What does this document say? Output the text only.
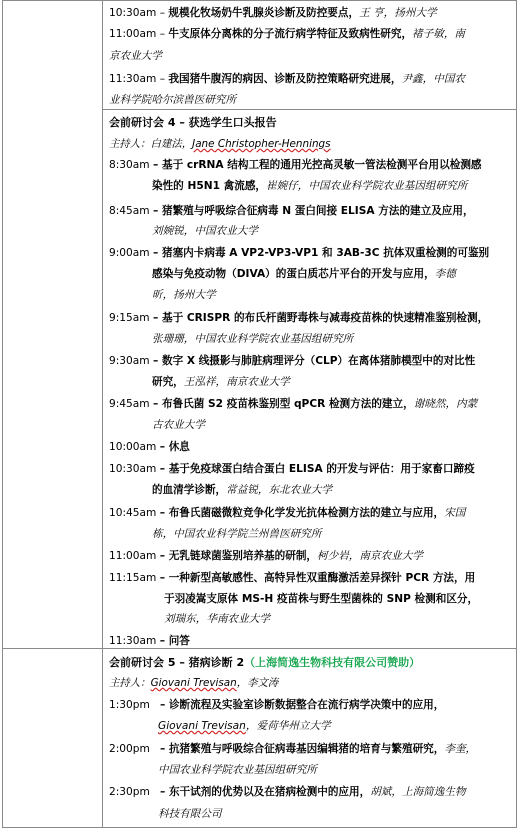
10:30am – 规模化牧场奶牛乳腺炎诊断及防控要点，王 亨，扬州大学
11:00am – 牛支原体分离株的分子流行病学特征及致病性研究，褚子敏，南
京农业大学
11:30am – 我国猪牛腹泻的病因、诊断及防控策略研究进展，尹鑫，中国农
业科学院哈尔滨兽医研究所
会前研讨会 4 – 获选学生口头报告
主持人：白建法，Jane Christopher-Hennings
8:30am – 基于 crRNA 结构工程的通用光控高灵敏一管法检测平台用以检测感
染性的 H5N1 禽流感，崔婉仔，中国农业科学院农业基因组研究所
8:45am – 猪繁殖与呼吸综合征病毒 N 蛋白间接 ELISA 方法的建立及应用，
刘婉锐，中国农业大学
9:00am – 猪塞内卡病毒 A VP2-VP3-VP1 和 3AB-3C 抗体双重检测的可鉴别
感染与免疫动物（DIVA）的蛋白质芯片平台的开发与应用，李德
昕，扬州大学
9:15am – 基于 CRISPR 的布氏杆菌野毒株与减毒疫苗株的快速精准鉴别检测，
张珊珊，中国农业科学院农业基因组研究所
9:30am – 数字 X 线摄影与肺脏病理评分（CLP）在离体猪肺模型中的对比性
研究，王泓祥，南京农业大学
9:45am – 布鲁氏菌 S2 疫苗株鉴别型 qPCR 检测方法的建立，谢晓然，内蒙
古农业大学
10:00am – 休息
10:30am – 基于免疫球蛋白结合蛋白 ELISA 的开发与评估：用于家畜口蹄疫
的血清学诊断，常益锐，东北农业大学
10:45am – 布鲁氏菌磁微粒竞争化学发光抗体检测方法的建立与应用，宋国
栋，中国农业科学院兰州兽医研究所
11:00am – 无乳链球菌鉴别培养基的研制，柯少岩，南京农业大学
11:15am – 一种新型高敏感性、高特异性双重酶激活差异探针 PCR 方法，用
于羽凌嵩支原体 MS-H 疫苗株与野生型菌株的 SNP 检测和区分，
刘瑞东，华南农业大学
11:30am – 问答
会前研讨会 5 – 猪病诊断 2（上海简逸生物科技有限公司赞助）
主持人：Giovani Trevisan，李文涛
1:30pm – 诊断流程及实验室诊断数据整合在流行病学决策中的应用，
Giovani Trevisan，爱荷华州立大学
2:00pm – 抗猪繁殖与呼吸综合征病毒基因编辑猪的培育与繁殖研究，李奎，
中国农业科学院农业基因组研究所
2:30pm – 东干试剂的优势以及在猪病检测中的应用，胡斌，上海简逸生物
科技有限公司
